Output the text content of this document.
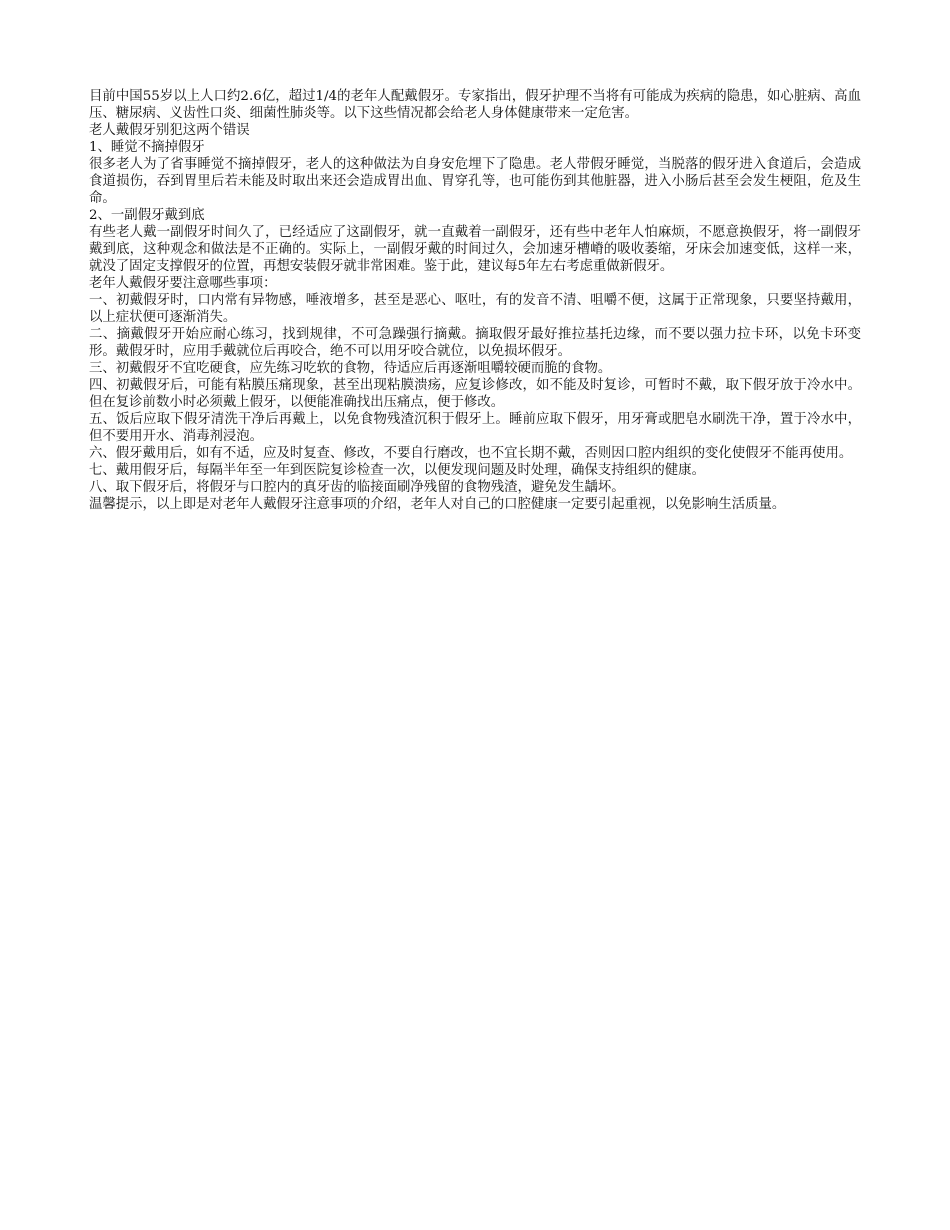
目前中国55岁以上人口约2.6亿，超过1/4的老年人配戴假牙。专家指出，假牙护理不当将有可能成为疾病的隐患，如心脏病、高血压、糖尿病、义齿性口炎、细菌性肺炎等。以下这些情况都会给老人身体健康带来一定危害。

老人戴假牙别犯这两个错误

1、睡觉不摘掉假牙

很多老人为了省事睡觉不摘掉假牙，老人的这种做法为自身安危埋下了隐患。老人带假牙睡觉，当脱落的假牙进入食道后，会造成食道损伤，吞到胃里后若未能及时取出来还会造成胃出血、胃穿孔等，也可能伤到其他脏器，进入小肠后甚至会发生梗阻，危及生命。

2、一副假牙戴到底

有些老人戴一副假牙时间久了，已经适应了这副假牙，就一直戴着一副假牙，还有些中老年人怕麻烦，不愿意换假牙，将一副假牙戴到底，这种观念和做法是不正确的。实际上，一副假牙戴的时间过久，会加速牙槽嵴的吸收萎缩，牙床会加速变低，这样一来，就没了固定支撑假牙的位置，再想安装假牙就非常困难。鉴于此，建议每5年左右考虑重做新假牙。

老年人戴假牙要注意哪些事项：

一、初戴假牙时，口内常有异物感，唾液增多，甚至是恶心、呕吐，有的发音不清、咀嚼不便，这属于正常现象，只要坚持戴用，以上症状便可逐渐消失。

二、摘戴假牙开始应耐心练习，找到规律，不可急躁强行摘戴。摘取假牙最好推拉基托边缘，而不要以强力拉卡环，以免卡环变形。戴假牙时，应用手戴就位后再咬合，绝不可以用牙咬合就位，以免损坏假牙。

三、初戴假牙不宜吃硬食，应先练习吃软的食物，待适应后再逐渐咀嚼较硬而脆的食物。

四、初戴假牙后，可能有粘膜压痛现象，甚至出现粘膜溃疡，应复诊修改，如不能及时复诊，可暂时不戴，取下假牙放于冷水中。但在复诊前数小时必须戴上假牙，以便能准确找出压痛点，便于修改。

五、饭后应取下假牙清洗干净后再戴上，以免食物残渣沉积于假牙上。睡前应取下假牙，用牙膏或肥皂水刷洗干净，置于冷水中，但不要用开水、消毒剂浸泡。

六、假牙戴用后，如有不适，应及时复查、修改，不要自行磨改，也不宜长期不戴，否则因口腔内组织的变化使假牙不能再使用。

七、戴用假牙后，每隔半年至一年到医院复诊检查一次，以便发现问题及时处理，确保支持组织的健康。

八、取下假牙后，将假牙与口腔内的真牙齿的临接面刷净残留的食物残渣，避免发生龋坏。

温馨提示，以上即是对老年人戴假牙注意事项的介绍，老年人对自己的口腔健康一定要引起重视，以免影响生活质量。
